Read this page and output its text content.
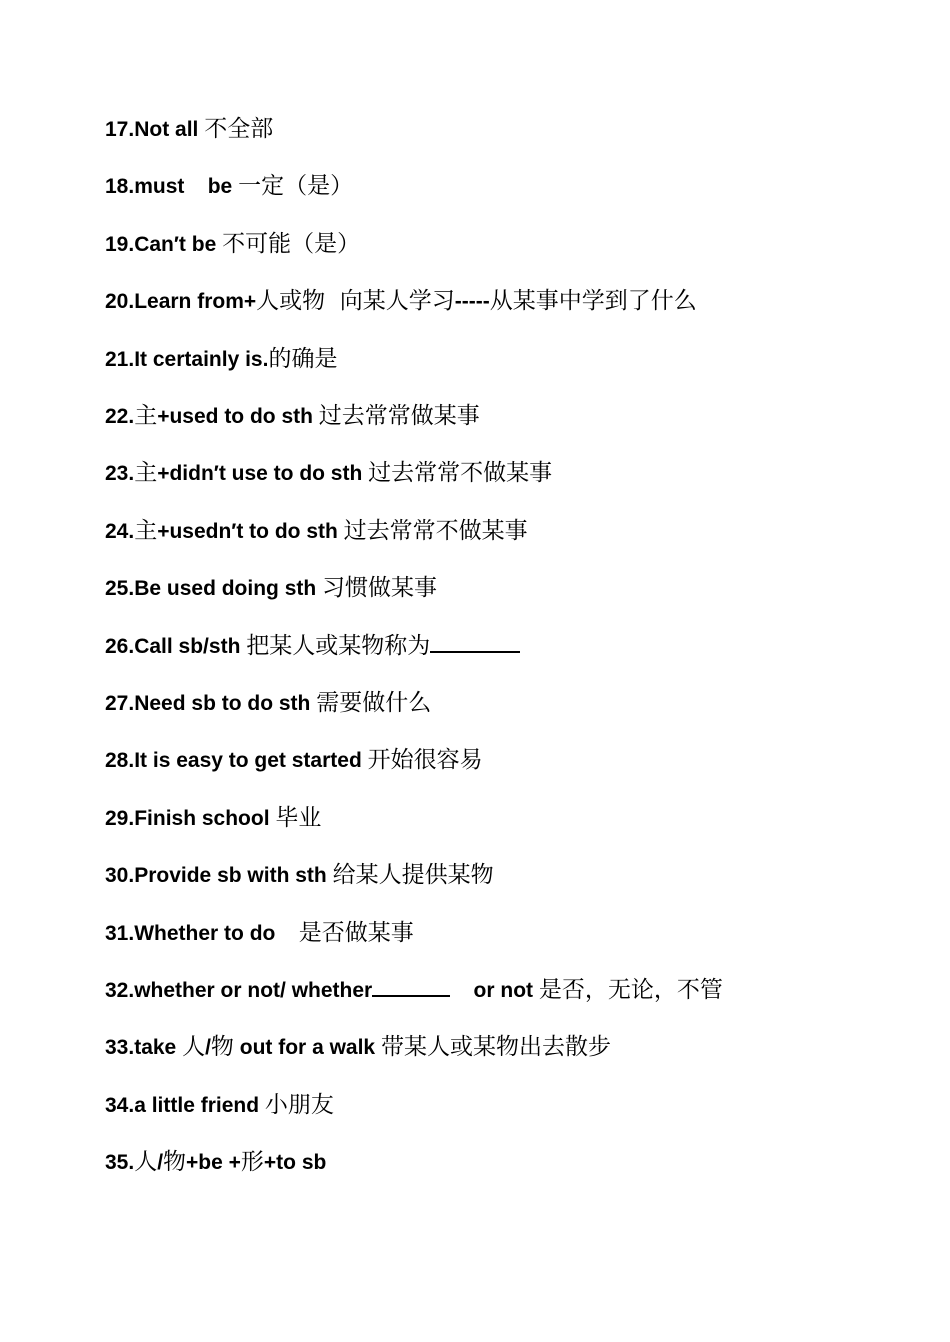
17.Not all 不全部
18.must    be 一定（是）
19.Can′t be 不可能（是）
20.Learn from+人或物  向某人学习-----从某事中学到了什么
21.It certainly is.的确是
22.主+used to do sth 过去常常做某事
23.主+didn′t use to do sth 过去常常不做某事
24.主+usedn′t to do sth 过去常常不做某事
25.Be used doing sth 习惯做某事
26.Call sb/sth 把某人或某物称为
27.Need sb to do sth 需要做什么
28.It is easy to get started 开始很容易
29.Finish school 毕业
30.Provide sb with sth 给某人提供某物
31.Whether to do    是否做某事
32.whether or not/ whether	or not 是否，无论，不管
33.take 人/物 out for a walk 带某人或某物出去散步
34.a little friend 小朋友
35.人/物+be +形+to sb
